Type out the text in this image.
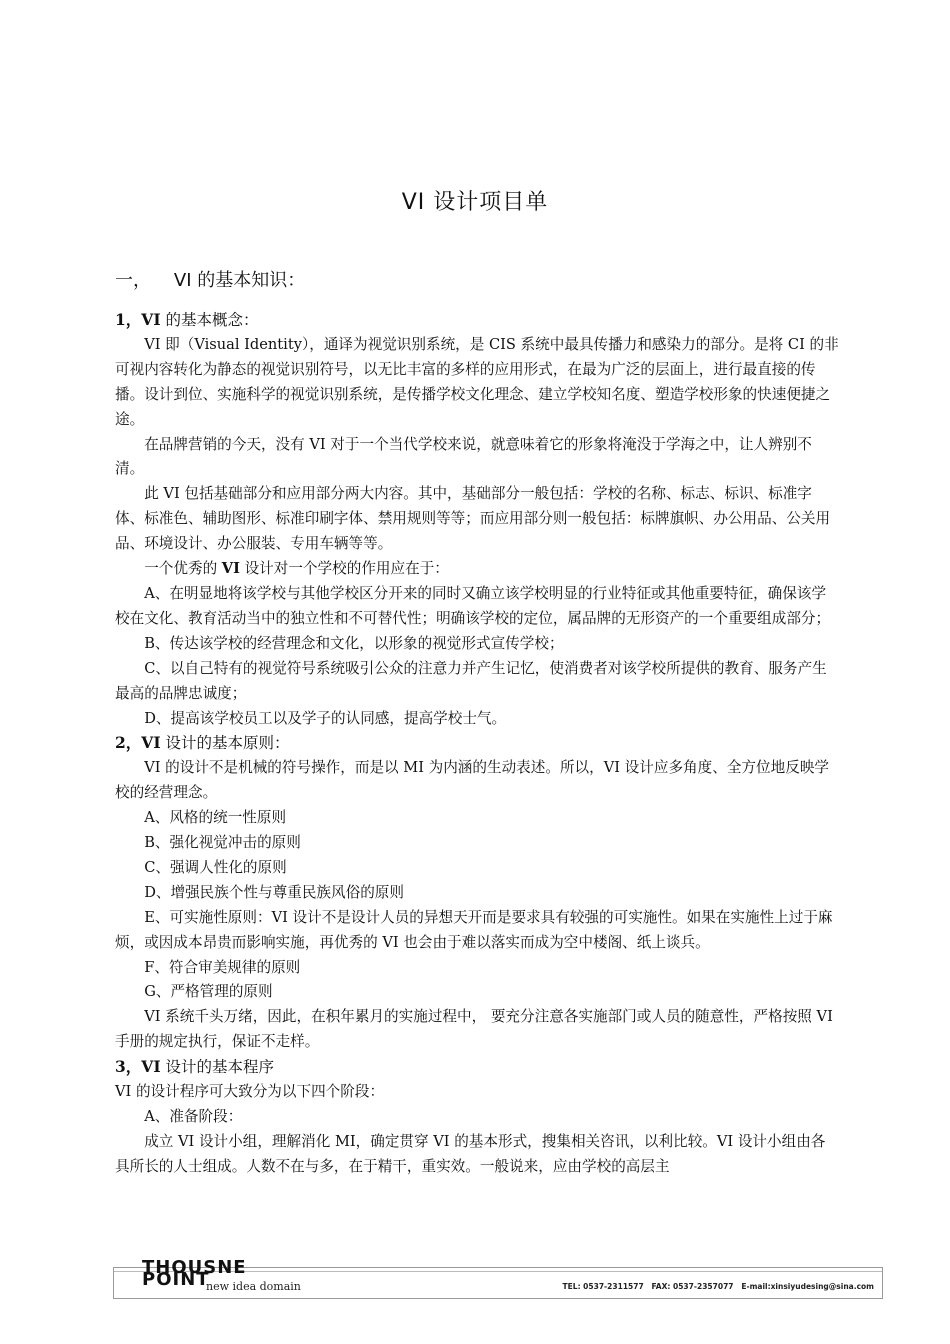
VI 设计项目单
一，    VI 的基本知识：

1，VI 的基本概念：

VI 即（Visual Identity），通译为视觉识别系统，是 CIS 系统中最具传播力和感染力的部分。是将 CI 的非可视内容转化为静态的视觉识别符号，以无比丰富的多样的应用形式，在最为广泛的层面上，进行最直接的传播。设计到位、实施科学的视觉识别系统，是传播学校文化理念、建立学校知名度、塑造学校形象的快速便捷之途。

在品牌营销的今天，没有 VI 对于一个当代学校来说，就意味着它的形象将淹没于学海之中，让人辨别不清。

此 VI 包括基础部分和应用部分两大内容。其中，基础部分一般包括：学校的名称、标志、标识、标准字体、标准色、辅助图形、标准印刷字体、禁用规则等等；而应用部分则一般包括：标牌旗帜、办公用品、公关用品、环境设计、办公服装、专用车辆等等。

一个优秀的 VI 设计对一个学校的作用应在于：

A、在明显地将该学校与其他学校区分开来的同时又确立该学校明显的行业特征或其他重要特征，确保该学校在文化、教育活动当中的独立性和不可替代性；明确该学校的定位，属品牌的无形资产的一个重要组成部分；

B、传达该学校的经营理念和文化，以形象的视觉形式宣传学校；

C、以自己特有的视觉符号系统吸引公众的注意力并产生记忆，使消费者对该学校所提供的教育、服务产生最高的品牌忠诚度；

D、提高该学校员工以及学子的认同感，提高学校士气。

2，VI 设计的基本原则：

VI 的设计不是机械的符号操作，而是以 MI 为内涵的生动表述。所以，VI 设计应多角度、全方位地反映学校的经营理念。

A、风格的统一性原则

B、强化视觉冲击的原则

C、强调人性化的原则

D、增强民族个性与尊重民族风俗的原则

E、可实施性原则：VI 设计不是设计人员的异想天开而是要求具有较强的可实施性。如果在实施性上过于麻烦，或因成本昂贵而影响实施，再优秀的 VI 也会由于难以落实而成为空中楼阁、纸上谈兵。

F、符合审美规律的原则

G、严格管理的原则

VI 系统千头万绪，因此，在积年累月的实施过程中， 要充分注意各实施部门或人员的随意性，严格按照 VI 手册的规定执行，保证不走样。

3，VI 设计的基本程序

VI 的设计程序可大致分为以下四个阶段：

A、准备阶段：

成立 VI 设计小组，理解消化 MI，确定贯穿 VI 的基本形式，搜集相关咨讯，以利比较。VI 设计小组由各具所长的人士组成。人数不在与多，在于精干，重实效。一般说来，应由学校的高层主

THOUSNE POINT
new idea domain	TEL: 0537-2311577   FAX: 0537-2357077   E-mail:xinsiyudesing@sina.com
